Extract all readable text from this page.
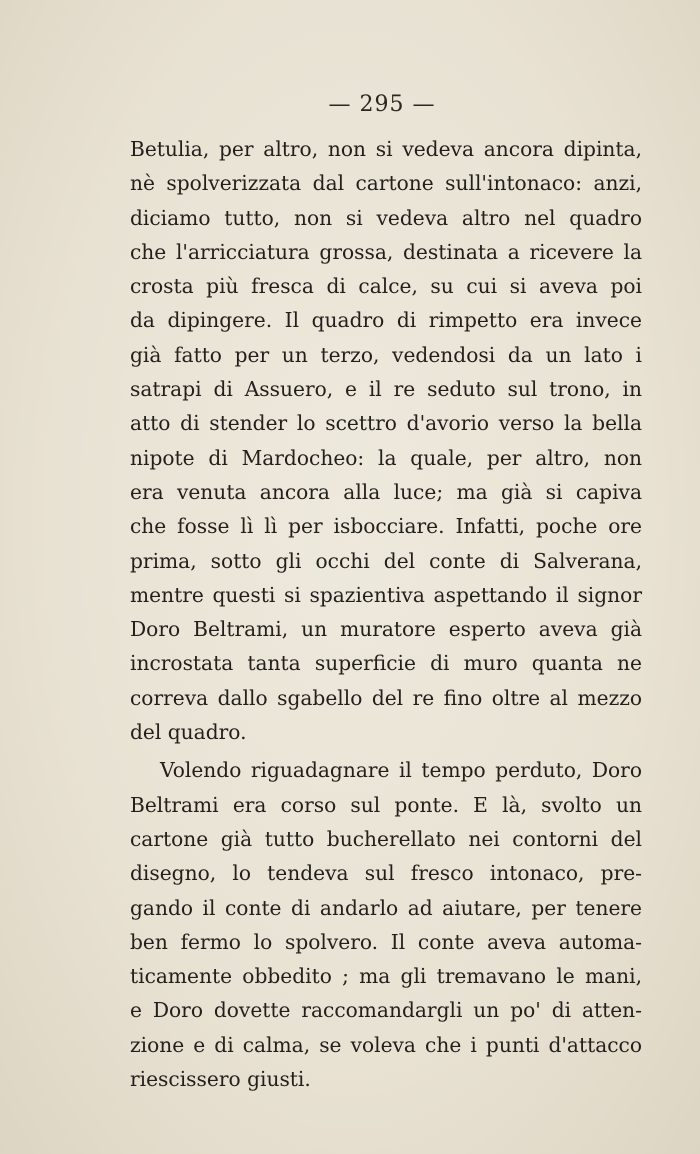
— 295 —
Betulia, per altro, non si vedeva ancora dipinta,
nè spolverizzata dal cartone sull'intonaco: anzi,
diciamo tutto, non si vedeva altro nel quadro
che l'arricciatura grossa, destinata a ricevere la
crosta più fresca di calce, su cui si aveva poi
da dipingere. Il quadro di rimpetto era invece
già fatto per un terzo, vedendosi da un lato i
satrapi di Assuero, e il re seduto sul trono, in
atto di stender lo scettro d'avorio verso la bella
nipote di Mardocheo: la quale, per altro, non
era venuta ancora alla luce; ma già si capiva
che fosse lì lì per isbocciare. Infatti, poche ore
prima, sotto gli occhi del conte di Salverana,
mentre questi si spazientiva aspettando il signor
Doro Beltrami, un muratore esperto aveva già
incrostata tanta superficie di muro quanta ne
correva dallo sgabello del re fino oltre al mezzo
del quadro.
Volendo riguadagnare il tempo perduto, Doro
Beltrami era corso sul ponte. E là, svolto un
cartone già tutto bucherellato nei contorni del
disegno, lo tendeva sul fresco intonaco, pre-
gando il conte di andarlo ad aiutare, per tenere
ben fermo lo spolvero. Il conte aveva automa-
ticamente obbedito ; ma gli tremavano le mani,
e Doro dovette raccomandargli un po' di atten-
zione e di calma, se voleva che i punti d'attacco
riescissero giusti.
